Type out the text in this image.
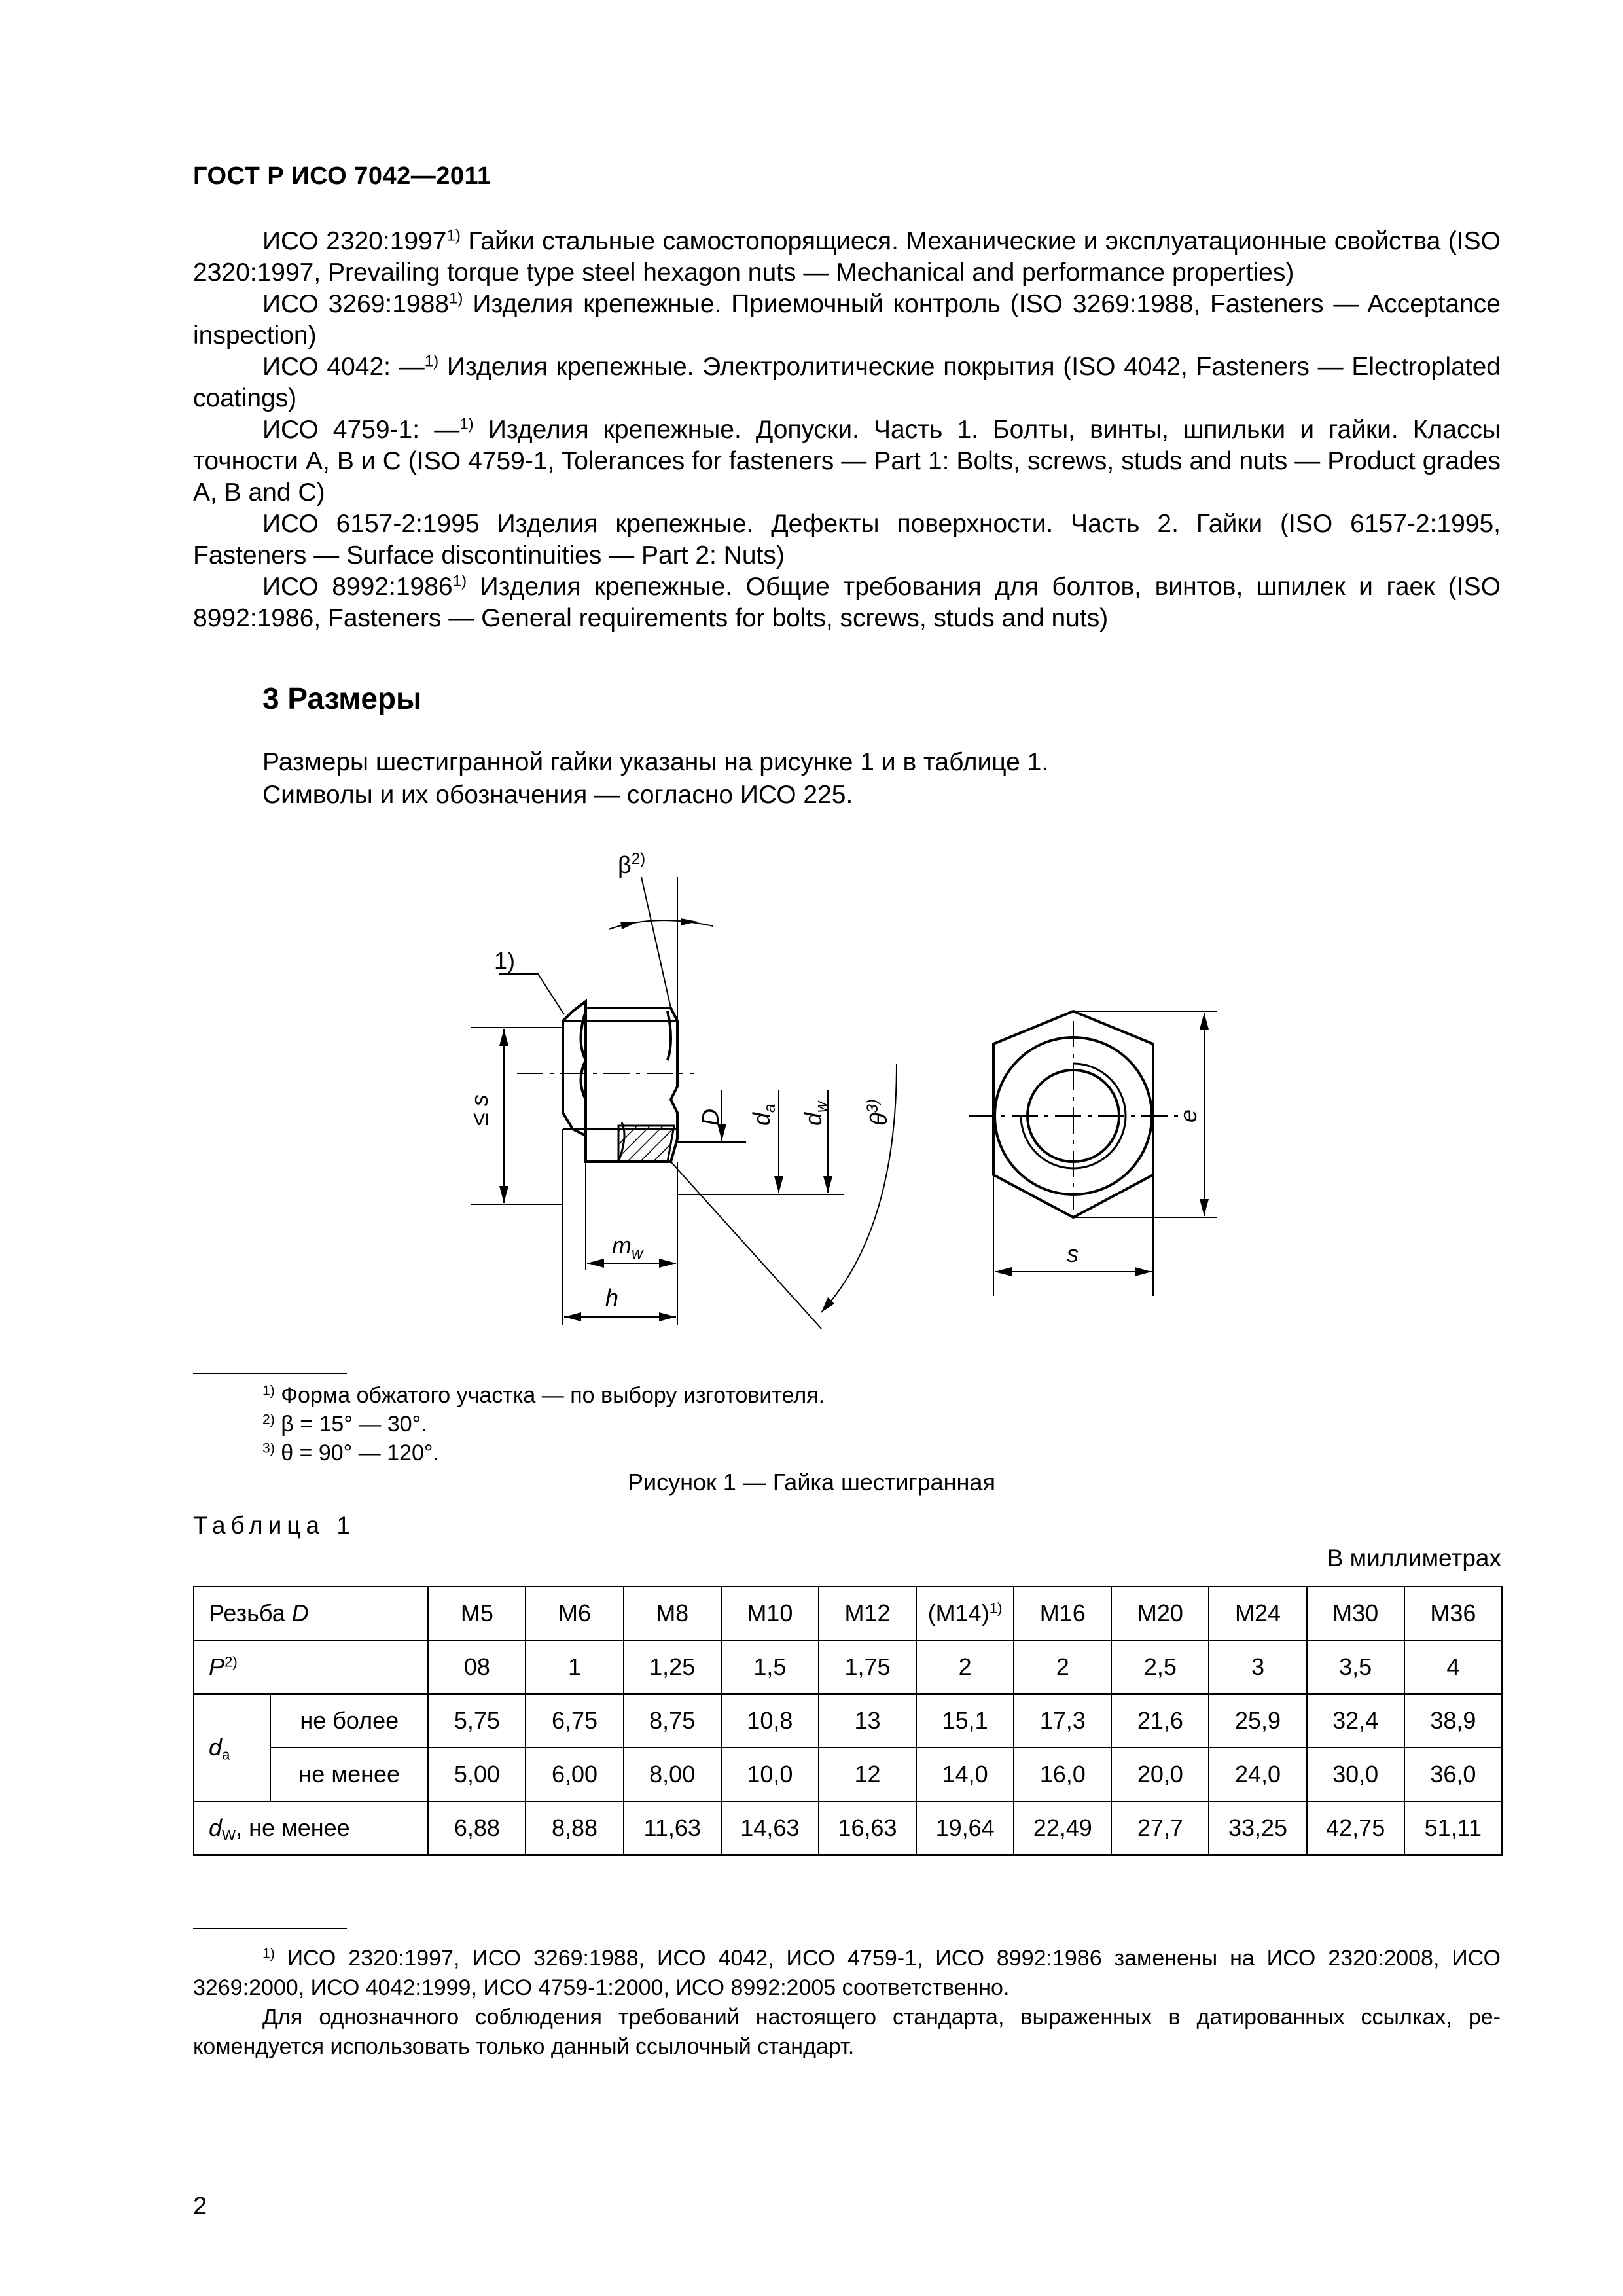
ГОСТ Р ИСО 7042—2011

ИСО 2320:1997$^{1)}$ Гайки стальные самостопорящиеся. Механические и эксплуатационные свойства (ISO 2320:1997, Prevailing torque type steel hexagon nuts — Mechanical and performance properties)

ИСО 3269:1988$^{1)}$ Изделия крепежные. Приемочный контроль (ISO 3269:1988, Fasteners — Acceptance inspection)

ИСО 4042: —$^{1)}$ Изделия крепежные. Электролитические покрытия (ISO 4042, Fasteners — Electroplated coatings)

ИСО 4759-1: —$^{1)}$ Изделия крепежные. Допуски. Часть 1. Болты, винты, шпильки и гайки. Классы точности А, В и С (ISO 4759-1, Tolerances for fasteners — Part 1: Bolts, screws, studs and nuts — Product grades A, B and C)

ИСО 6157-2:1995 Изделия крепежные. Дефекты поверхности. Часть 2. Гайки (ISO 6157-2:1995, Fasteners — Surface discontinuities — Part 2: Nuts)

ИСО 8992:1986$^{1)}$ Изделия крепежные. Общие требования для болтов, винтов, шпилек и гаек (ISO 8992:1986, Fasteners — General requirements for bolts, screws, studs and nuts)

3 Размеры
Размеры шестигранной гайки указаны на рисунке 1 и в таблице 1.
Символы и их обозначения — согласно ИСО 225.
$\beta^{2)}$
1)
≤ s	D $d_a$
$d_w$
$\theta^{3)}$
$m_w$
h
e
s
$^{1)}$ Форма обжатого участка — по выбору изготовителя.
$^{2)}$ β = 15° — 30°.
$^{3)}$ θ = 90° — 120°.
Рисунок 1 — Гайка шестигранная
Таблица 1
В миллиметрах
Резьба D		M5	M6	M8	M10	M12	$(M14)^{1)}$	M16	M20	M24	M30	M36
$P^{2)}$		08	1	1,25	1,5	1,75	2	2	2,5	3	3,5	4
$d_a$	не более	5,75	6,75	8,75	10,8	13	15,1	17,3	21,6	25,9	32,4	38,9
	не менее	5,00	6,00	8,00	10,0	12	14,0	16,0	20,0	24,0	30,0	36,0
$d_W$, не менее		6,88	8,88	11,63	14,63	16,63	19,64	22,49	27,7	33,25	42,75	51,11

$^{1)}$ ИСО 2320:1997, ИСО 3269:1988, ИСО 4042, ИСО 4759-1, ИСО 8992:1986 заменены на ИСО 2320:2008, ИСО 3269:2000, ИСО 4042:1999, ИСО 4759-1:2000, ИСО 8992:2005 соответственно.

Для однозначного соблюдения требований настоящего стандарта, выраженных в датированных ссылках, рекомендуется использовать только данный ссылочный стандарт.

2
